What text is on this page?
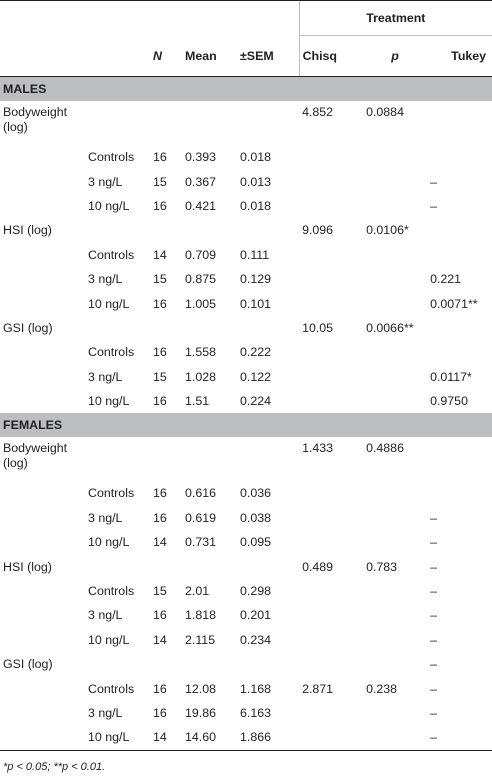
					Treatment		
		N	Mean	±SEM	Chisq	p	Tukey
MALES							
Bodyweight (log)					4.852	0.0884	
	Controls	16	0.393	0.018			
	3 ng/L	15	0.367	0.013			–
	10 ng/L	16	0.421	0.018			–
HSI (log)					9.096	0.0106*	
	Controls	14	0.709	0.111			
	3 ng/L	15	0.875	0.129			0.221
	10 ng/L	16	1.005	0.101			0.0071**
GSI (log)					10.05	0.0066**	
	Controls	16	1.558	0.222			
	3 ng/L	15	1.028	0.122			0.0117*
	10 ng/L	16	1.51	0.224			0.9750
FEMALES							
Bodyweight (log)					1.433	0.4886	
	Controls	16	0.616	0.036			
	3 ng/L	16	0.619	0.038			–
	10 ng/L	14	0.731	0.095			–
HSI (log)					0.489	0.783	–
	Controls	15	2.01	0.298			–
	3 ng/L	16	1.818	0.201			–
	10 ng/L	14	2.115	0.234			–
GSI (log)							–
	Controls	16	12.08	1.168	2.871	0.238	–
	3 ng/L	16	19.86	6.163			–
	10 ng/L	14	14.60	1.866			–
*p < 0.05; **p < 0.01.
